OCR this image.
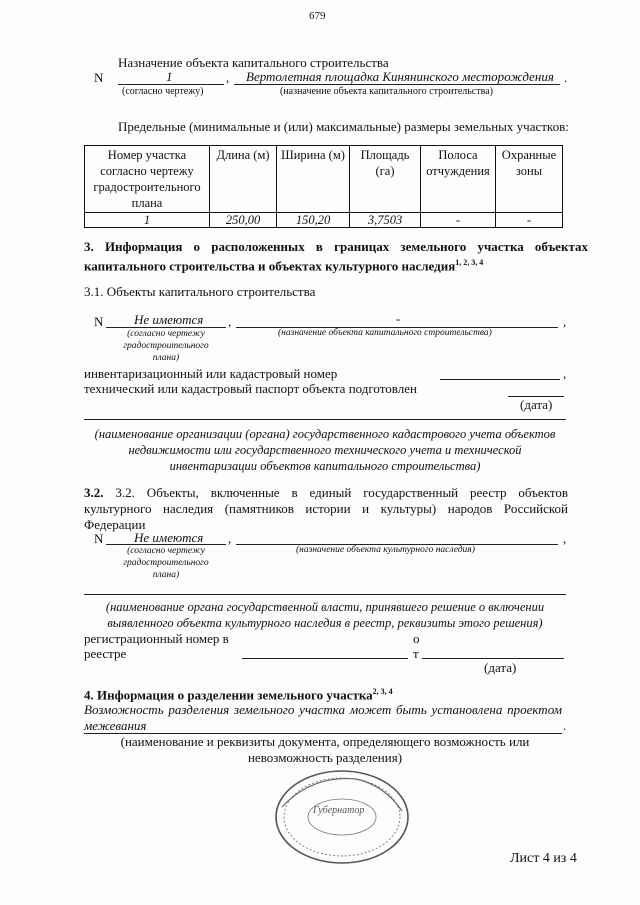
679
Назначение объекта капитального строительства
N	1	, Вертолетная площадка Кинянинского месторождения .
(согласно чертежу)	(назначение объекта капитального строительства)
Предельные (минимальные и (или) максимальные) размеры земельных участков:
Номер участка согласно чертежу градостроительного плана	Длина (м)	Ширина (м)	Площадь (га)	Полоса отчуждения	Охранные зоны
1	250,00	150,20	3,7503	-	-
3. Информация о расположенных в границах земельного участка объектах капитального строительства и объектах культурного наследия$^{1, 2, 3, 4}$
3.1. Объекты капитального строительства
N Не имеются ,	-	,
(согласно чертежу
градостроительного
плана)
(назначение объекта капитального строительства)
инвентаризационный или кадастровый номер	,
технический или кадастровый паспорт объекта подготовлен
(дата)
(наименование организации (органа) государственного кадастрового учета объектов
недвижимости или государственного технического учета и технической
инвентаризации объектов капитального строительства)
3.2. 3.2. Объекты, включенные в единый государственный реестр объектов культурного наследия (памятников истории и культуры) народов Российской Федерации
N Не имеются ,	,
(согласно чертежу
градостроительного
плана)
(назначение объекта культурного наследия)
(наименование органа государственной власти, принявшего решение о включении
выявленного объекта культурного наследия в реестр, реквизиты этого решения)
регистрационный номер в
реестре
о
т
(дата)
4. Информация о разделении земельного участка$^{2, 3, 4}$
Возможность разделения земельного участка может быть установлена проектом межевания	.
(наименование и реквизиты документа, определяющего возможность или
невозможность разделения)
Губернатор
Лист 4 из 4
